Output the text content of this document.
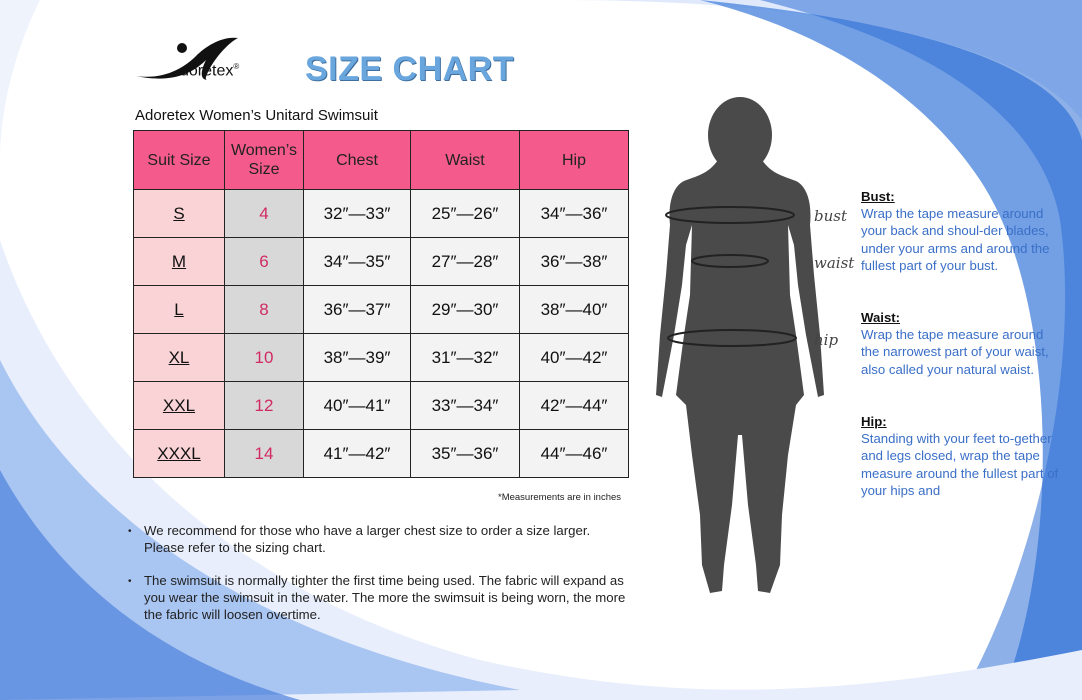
doretex® SIZE CHART
Adoretex Women’s Unitard Swimsuit
Suit Size	Women’s Size	Chest	Waist	Hip
S	4	32″—33″	25″—26″	34″—36″
M	6	34″—35″	27″—28″	36″—38″
L	8	36″—37″	29″—30″	38″—40″
XL	10	38″—39″	31″—32″	40″—42″
XXL	12	40″—41″	33″—34″	42″—44″
XXXL	14	41″—42″	35″—36″	44″—46″
*Measurements are in inches
• We recommend for those who have a larger chest size to order a size larger. Please refer to the sizing chart.
• The swimsuit is normally tighter the first time being used. The fabric will expand as you wear the swimsuit in the water. The more the swimsuit is being worn, the more the fabric will loosen overtime.
bust
waist
hip
Bust:
Wrap the tape measure around your back and shoul-der blades, under your arms and around the fullest part of your bust.
Waist:
Wrap the tape measure around the narrowest part of your waist, also called your natural waist.
Hip:
Standing with your feet to-gether and legs closed, wrap the tape measure around the fullest part of your hips and
